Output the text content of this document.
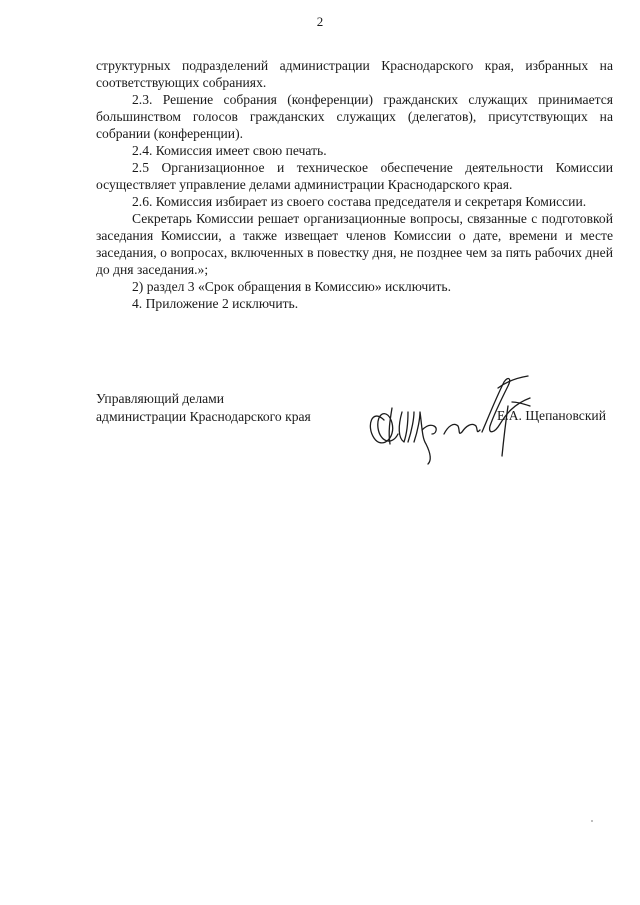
2

структурных подразделений администрации Краснодарского края, избранных на соответствующих собраниях.

2.3. Решение собрания (конференции) гражданских служащих принимается большинством голосов гражданских служащих (делегатов), присутствующих на собрании (конференции).

2.4. Комиссия имеет свою печать.

2.5 Организационное и техническое обеспечение деятельности Комиссии осуществляет управление делами администрации Краснодарского края.

2.6. Комиссия избирает из своего состава председателя и секретаря Комиссии.

Секретарь Комиссии решает организационные вопросы, связанные с подготовкой заседания Комиссии, а также извещает членов Комиссии о дате, времени и месте заседания, о вопросах, включенных в повестку дня, не позднее чем за пять рабочих дней до дня заседания.»;

2) раздел 3 «Срок обращения в Комиссию» исключить.

4. Приложение 2 исключить.

Управляющий делами
администрации Краснодарского края	Е.А. Щепановский
